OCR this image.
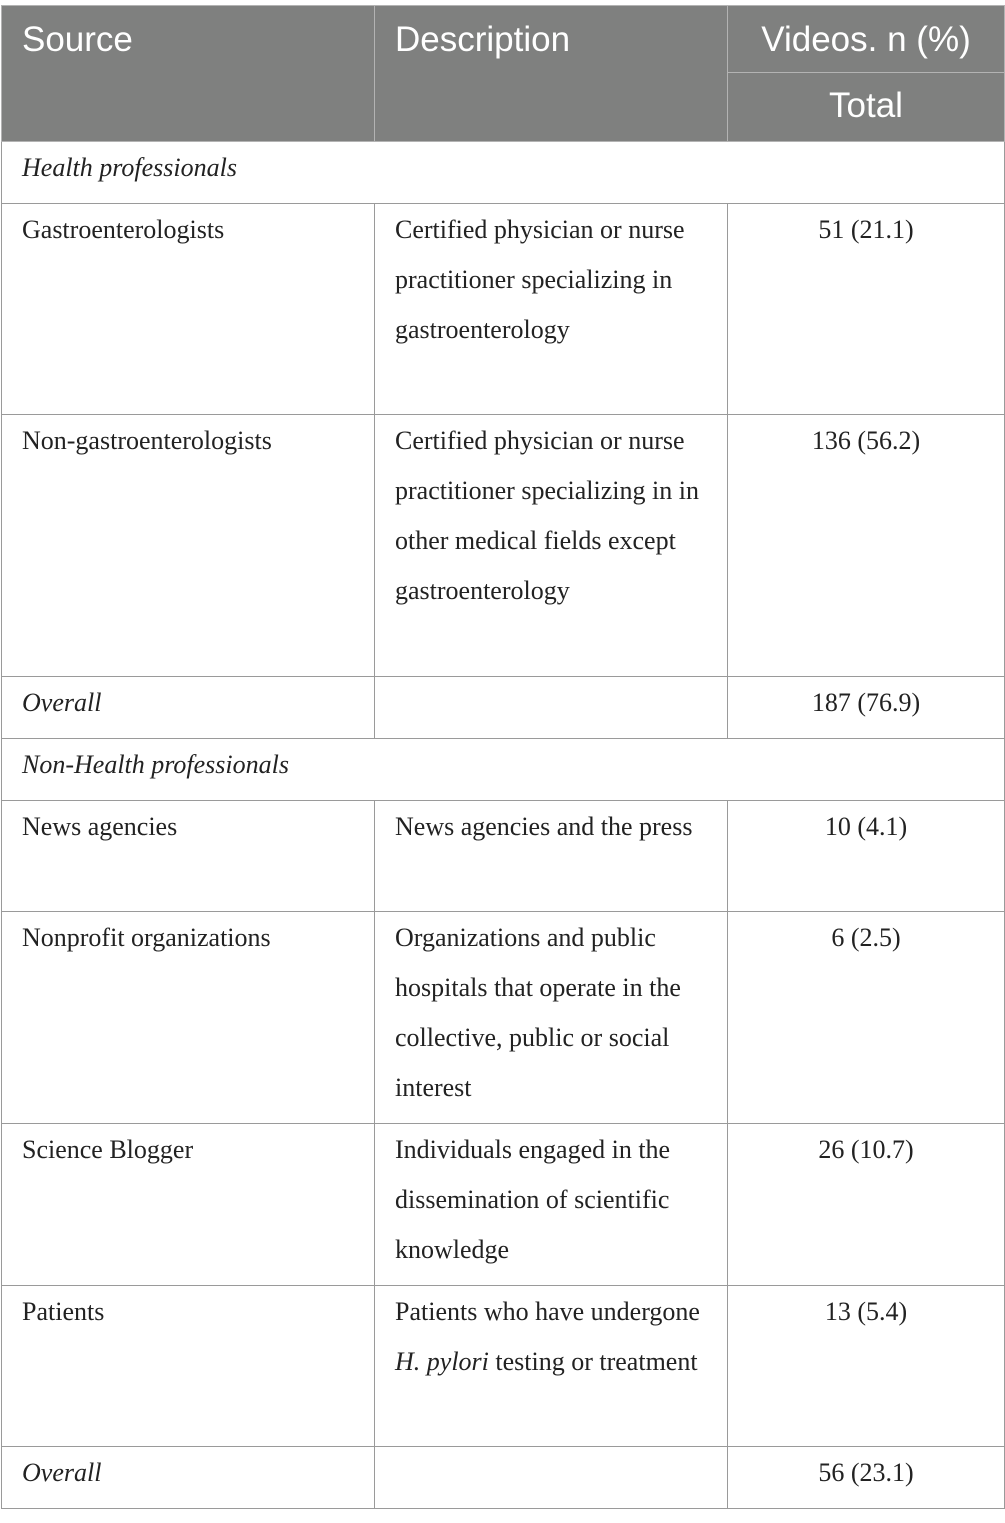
Source	Description	Videos. n (%)
		Total

Health professionals		

Gastroenterologists	Certified physician or nurse practitioner specializing in gastroenterology	51 (21.1)

Non-gastroenterologists	Certified physician or nurse practitioner specializing in in other medical fields except gastroenterology	136 (56.2)

Overall		187 (76.9)

Non-Health professionals		

News agencies	News agencies and the press	10 (4.1)

Nonprofit organizations	Organizations and public hospitals that operate in the collective, public or social interest	6 (2.5)

Science Blogger	Individuals engaged in the dissemination of scientific knowledge	26 (10.7)

Patients	Patients who have undergone H. pylori testing or treatment	13 (5.4)

Overall		56 (23.1)
